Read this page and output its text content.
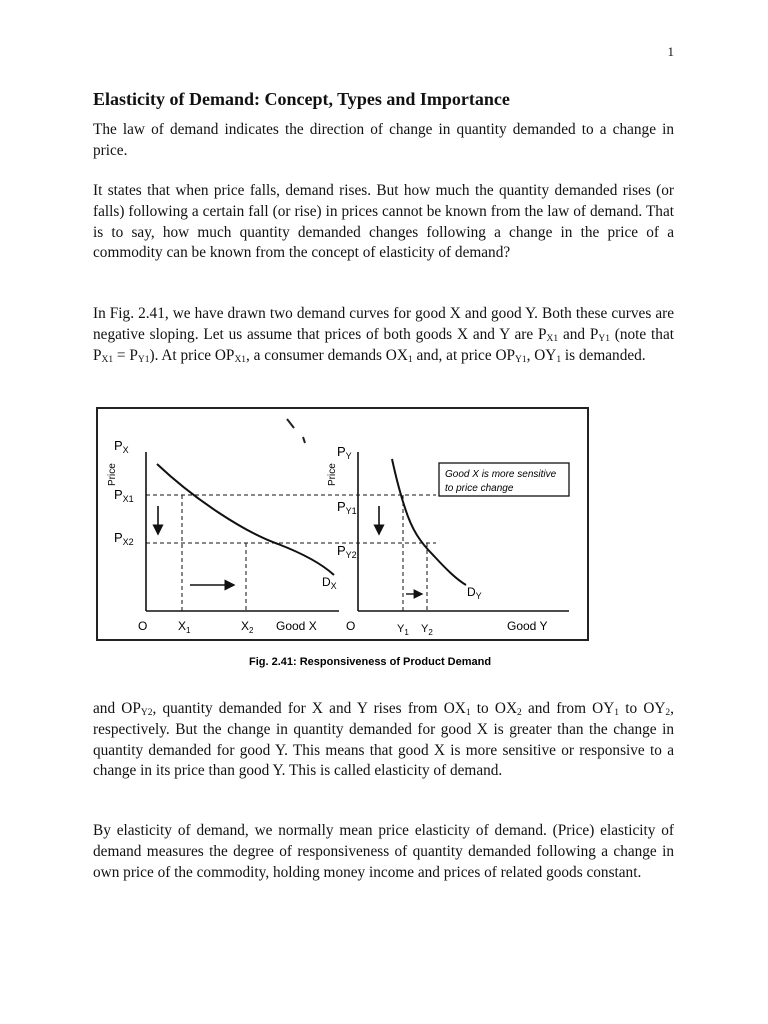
1
Elasticity of Demand: Concept, Types and Importance

The law of demand indicates the direction of change in quantity demanded to a change in price.

It states that when price falls, demand rises. But how much the quantity demanded rises (or falls) following a certain fall (or rise) in prices cannot be known from the law of demand. That is to say, how much quantity demanded changes following a change in the price of a commodity can be known from the concept of elasticity of demand?

In Fig. 2.41, we have drawn two demand curves for good X and good Y. Both these curves are negative sloping. Let us assume that prices of both goods X and Y are $P_{X1}$ and $P_{Y1}$ (note that $P_{X1} = P_{Y1}$). At price $OP_{X1}$, a consumer demands $OX_1$ and, at price $OP_{Y1}$, $OY_1$ is demanded.

Price
$P_X$
$P_{X1}$
$P_{X2}$
O	$X_1$	$X_2$ Good X
$D_X$
Price
$P_Y$
$P_{Y1}$
$P_{Y2}$
O	$Y_1$ $Y_2$	Good Y
$D_Y$
Good X is more sensitive
to price change
Fig. 2.41: Responsiveness of Product Demand

and $OP_{Y2}$, quantity demanded for X and Y rises from $OX_1$ to $OX_2$ and from $OY_1$ to $OY_2$, respectively. But the change in quantity demanded for good X is greater than the change in quantity demanded for good Y. This means that good X is more sensitive or responsive to a change in its price than good Y. This is called elasticity of demand.

By elasticity of demand, we normally mean price elasticity of demand. (Price) elasticity of demand measures the degree of responsiveness of quantity demanded following a change in own price of the commodity, holding money income and prices of related goods constant.
